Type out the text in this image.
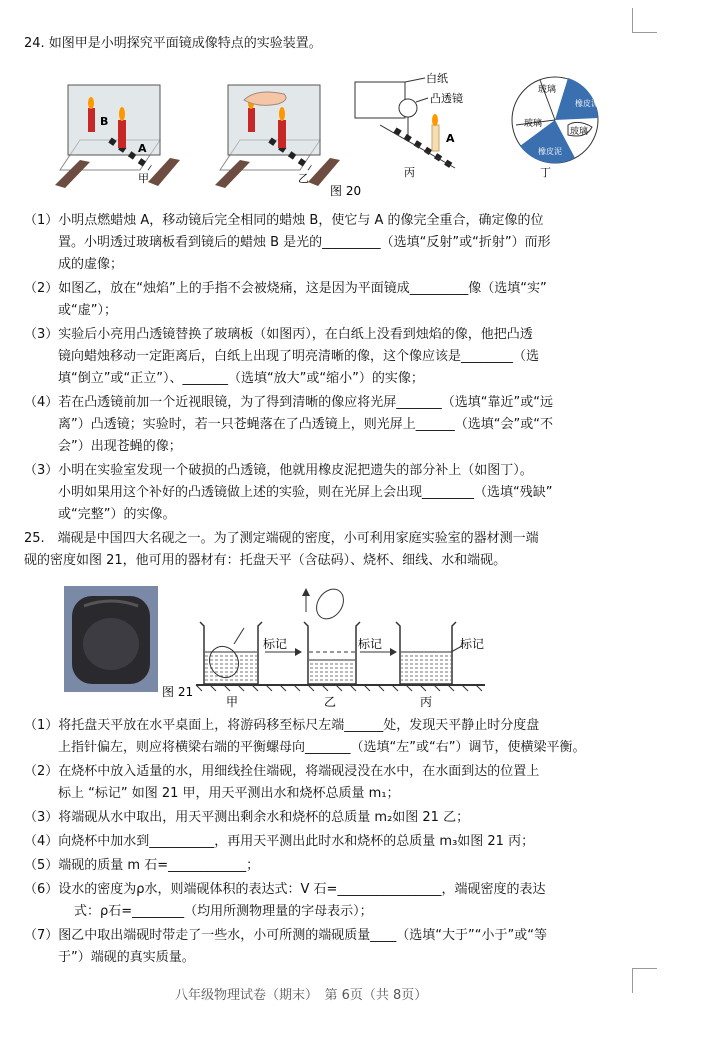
24. 如图甲是小明探究平面镜成像特点的实验装置。
B
A
甲	乙
白纸
凸透镜
A
丙
玻璃
玻璃
玻璃
橡皮泥
橡皮泥
丁
图 20
（1）小明点燃蜡烛 A，移动镜后完全相同的蜡烛 B，使它与 A 的像完全重合，确定像的位
置。小明透过玻璃板看到镜后的蜡烛 B 是光的_________（选填“反射”或“折射”）而形
成的虚像；
（2）如图乙，放在“烛焰”上的手指不会被烧痛，这是因为平面镜成_________像（选填“实”
或“虚”）；
（3）实验后小亮用凸透镜替换了玻璃板（如图丙），在白纸上没看到烛焰的像，他把凸透
镜向蜡烛移动一定距离后，白纸上出现了明亮清晰的像，这个像应该是________（选
填“倒立”或“正立”）、_______（选填“放大”或“缩小”）的实像；
（4）若在凸透镜前加一个近视眼镜，为了得到清晰的像应将光屏_______（选填“靠近”或“远
离”）凸透镜；实验时，若一只苍蝇落在了凸透镜上，则光屏上______（选填“会”或“不
会”）出现苍蝇的像；
（3）小明在实验室发现一个破损的凸透镜，他就用橡皮泥把遗失的部分补上（如图丁）。
小明如果用这个补好的凸透镜做上述的实验，则在光屏上会出现________（选填“残缺”
或“完整”）的实像。
25.　端砚是中国四大名砚之一。为了测定端砚的密度，小可利用家庭实验室的器材测一端
砚的密度如图 21，他可用的器材有：托盘天平（含砝码）、烧杯、细线、水和端砚。
图 21
甲
标记
乙
标记	标记
丙
（1）将托盘天平放在水平桌面上，将游码移至标尺左端______处，发现天平静止时分度盘
上指针偏左，则应将横梁右端的平衡螺母向_______（选填“左”或“右”）调节，使横梁平衡。
（2）在烧杯中放入适量的水，用细线拴住端砚，将端砚浸没在水中，在水面到达的位置上
标上 “标记” 如图 21 甲，用天平测出水和烧杯总质量 m₁；
（3）将端砚从水中取出，用天平测出剩余水和烧杯的总质量 m₂如图 21 乙；
（4）向烧杯中加水到__________，再用天平测出此时水和烧杯的总质量 m₃如图 21 丙；
（5）端砚的质量 m 石=____________；
（6）设水的密度为ρ水，则端砚体积的表达式：V 石=________________，端砚密度的表达
式：ρ石=________（均用所测物理量的字母表示）；
（7）图乙中取出端砚时带走了一些水，小可所测的端砚质量____（选填“大于”“小于”或“等
于”）端砚的真实质量。
八年级物理试卷（期末）　第 6页（共 8页）
